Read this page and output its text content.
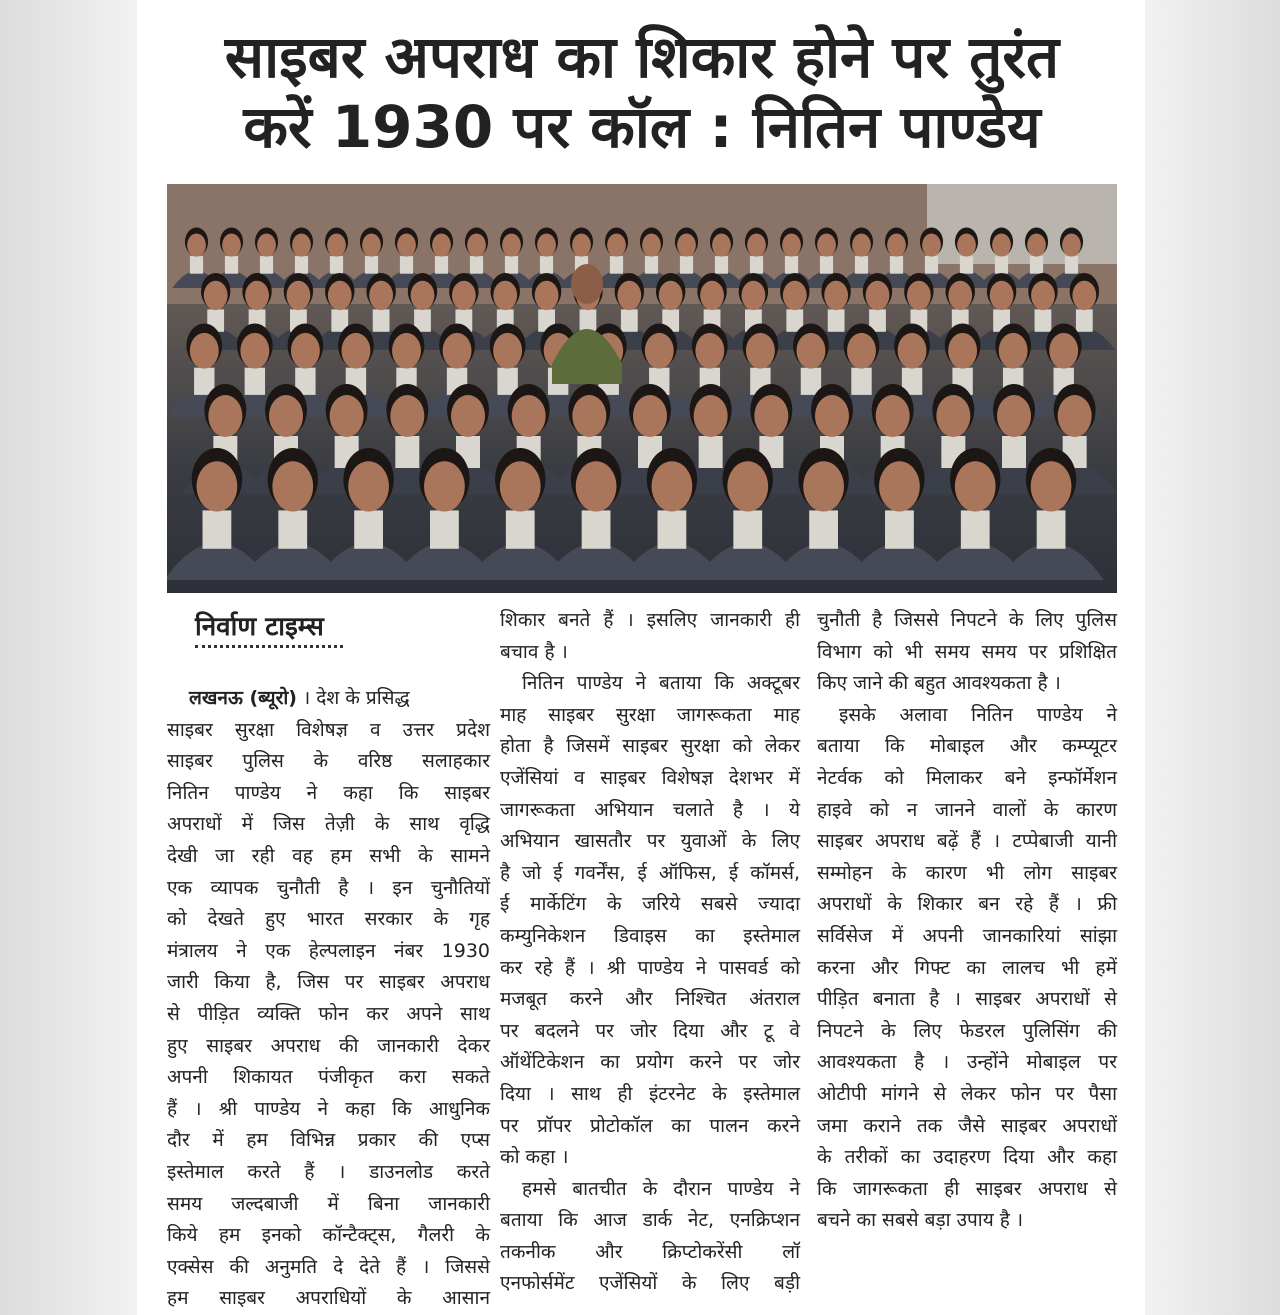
साइबर अपराध का शिकार होने पर तुरंत
करें 1930 पर कॉल : नितिन पाण्डेय
निर्वाण टाइम्स
लखनऊ (ब्यूरो) । देश के प्रसिद्ध
साइबर सुरक्षा विशेषज्ञ व उत्तर प्रदेश
साइबर पुलिस के वरिष्ठ सलाहकार
नितिन पाण्डेय ने कहा कि साइबर
अपराधों में जिस तेज़ी के साथ वृद्धि
देखी जा रही वह हम सभी के सामने
एक व्यापक चुनौती है । इन चुनौतियों
को देखते हुए भारत सरकार के गृह
मंत्रालय ने एक हेल्पलाइन नंबर 1930
जारी किया है, जिस पर साइबर अपराध
से पीड़ित व्यक्ति फोन कर अपने साथ
हुए साइबर अपराध की जानकारी देकर
अपनी शिकायत पंजीकृत करा सकते
हैं । श्री पाण्डेय ने कहा कि आधुनिक
दौर में हम विभिन्न प्रकार की एप्स
इस्तेमाल करते हैं । डाउनलोड करते
समय जल्दबाजी में बिना जानकारी
किये हम इनको कॉन्टैक्ट्स, गैलरी के
एक्सेस की अनुमति दे देते हैं । जिससे
हम साइबर अपराधियों के आसान
शिकार बनते हैं । इसलिए जानकारी ही
बचाव है ।
नितिन पाण्डेय ने बताया कि अक्टूबर
माह साइबर सुरक्षा जागरूकता माह
होता है जिसमें साइबर सुरक्षा को लेकर
एजेंसियां व साइबर विशेषज्ञ देशभर में
जागरूकता अभियान चलाते है । ये
अभियान खासतौर पर युवाओं के लिए
है जो ई गवर्नेंस, ई ऑफिस, ई कॉमर्स,
ई मार्केटिंग के जरिये सबसे ज्यादा
कम्युनिकेशन डिवाइस का इस्तेमाल
कर रहे हैं । श्री पाण्डेय ने पासवर्ड को
मजबूत करने और निश्चित अंतराल
पर बदलने पर जोर दिया और टू वे
ऑथेंटिकेशन का प्रयोग करने पर जोर
दिया । साथ ही इंटरनेट के इस्तेमाल
पर प्रॉपर प्रोटोकॉल का पालन करने
को कहा ।
हमसे बातचीत के दौरान पाण्डेय ने
बताया कि आज डार्क नेट, एनक्रिप्शन
तकनीक और क्रिप्टोकरेंसी लॉ
एनफोर्समेंट एजेंसियों के लिए बड़ी
चुनौती है जिससे निपटने के लिए पुलिस
विभाग को भी समय समय पर प्रशिक्षित
किए जाने की बहुत आवश्यकता है ।
इसके अलावा नितिन पाण्डेय ने
बताया कि मोबाइल और कम्प्यूटर
नेटर्वक को मिलाकर बने इन्फॉर्मेशन
हाइवे को न जानने वालों के कारण
साइबर अपराध बढ़ें हैं । टप्पेबाजी यानी
सम्मोहन के कारण भी लोग साइबर
अपराधों के शिकार बन रहे हैं । फ्री
सर्विसेज में अपनी जानकारियां सांझा
करना और गिफ्ट का लालच भी हमें
पीड़ित बनाता है । साइबर अपराधों से
निपटने के लिए फेडरल पुलिसिंग की
आवश्यकता है । उन्होंने मोबाइल पर
ओटीपी मांगने से लेकर फोन पर पैसा
जमा कराने तक जैसे साइबर अपराधों
के तरीकों का उदाहरण दिया और कहा
कि जागरूकता ही साइबर अपराध से
बचने का सबसे बड़ा उपाय है ।
